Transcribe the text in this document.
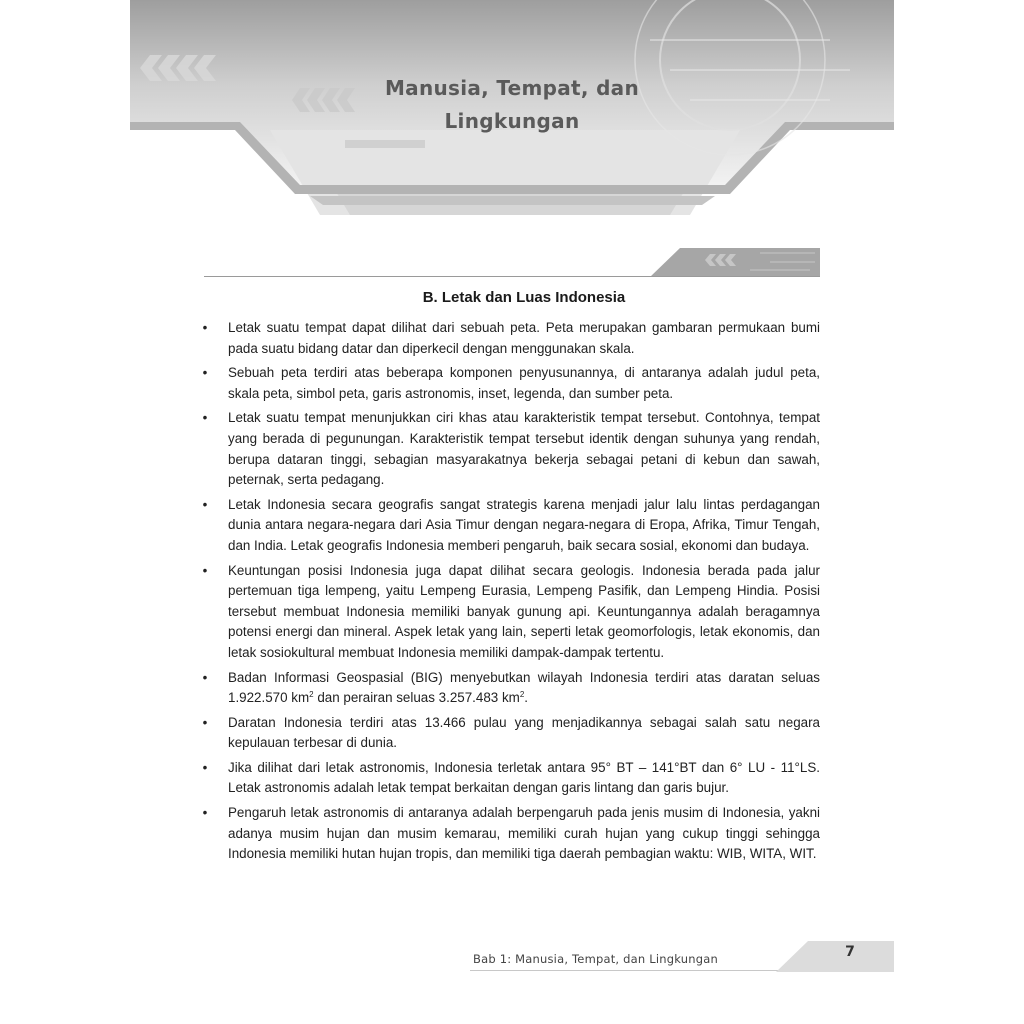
Manusia, Tempat, dan
Lingkungan
B. Letak dan Luas Indonesia
• Letak suatu tempat dapat dilihat dari sebuah peta. Peta merupakan gambaran permukaan bumi pada suatu bidang datar dan diperkecil dengan menggunakan skala.
• Sebuah peta terdiri atas beberapa komponen penyusunannya, di antaranya adalah judul peta, skala peta, simbol peta, garis astronomis, inset, legenda, dan sumber peta.
• Letak suatu tempat menunjukkan ciri khas atau karakteristik tempat tersebut. Contohnya, tempat yang berada di pegunungan. Karakteristik tempat tersebut identik dengan suhunya yang rendah, berupa dataran tinggi, sebagian masyarakatnya bekerja sebagai petani di kebun dan sawah, peternak, serta pedagang.
• Letak Indonesia secara geografis sangat strategis karena menjadi jalur lalu lintas perdagangan dunia antara negara-negara dari Asia Timur dengan negara-negara di Eropa, Afrika, Timur Tengah, dan India. Letak geografis Indonesia memberi pengaruh, baik secara sosial, ekonomi dan budaya.
• Keuntungan posisi Indonesia juga dapat dilihat secara geologis. Indonesia berada pada jalur pertemuan tiga lempeng, yaitu Lempeng Eurasia, Lempeng Pasifik, dan Lempeng Hindia. Posisi tersebut membuat Indonesia memiliki banyak gunung api. Keuntungannya adalah beragamnya potensi energi dan mineral. Aspek letak yang lain, seperti letak geomorfologis, letak ekonomis, dan letak sosiokultural membuat Indonesia memiliki dampak-dampak tertentu.
• Badan Informasi Geospasial (BIG) menyebutkan wilayah Indonesia terdiri atas daratan seluas 1.922.570 $km^2$ dan perairan seluas 3.257.483 $km^2$.
• Daratan Indonesia terdiri atas 13.466 pulau yang menjadikannya sebagai salah satu negara kepulauan terbesar di dunia.
• Jika dilihat dari letak astronomis, Indonesia terletak antara 95° BT – 141°BT dan 6° LU - 11°LS. Letak astronomis adalah letak tempat berkaitan dengan garis lintang dan garis bujur.
• Pengaruh letak astronomis di antaranya adalah berpengaruh pada jenis musim di Indonesia, yakni adanya musim hujan dan musim kemarau, memiliki curah hujan yang cukup tinggi sehingga Indonesia memiliki hutan hujan tropis, dan memiliki tiga daerah pembagian waktu: WIB, WITA, WIT.
Bab 1: Manusia, Tempat, dan Lingkungan	7
